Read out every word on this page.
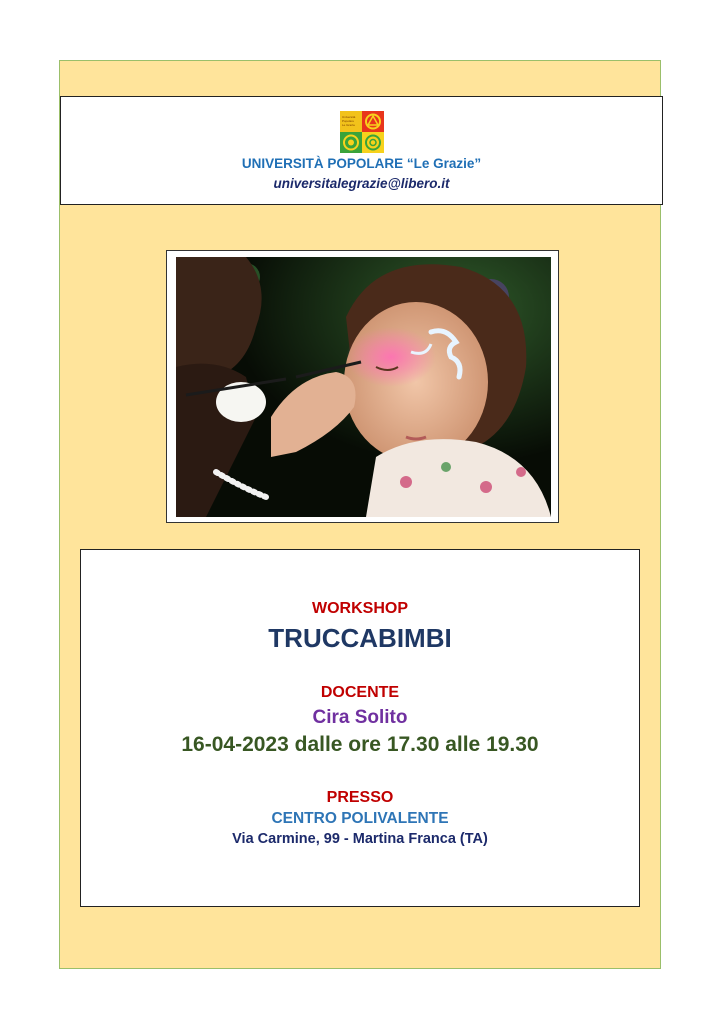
Università
Popolare
Le Grazie
UNIVERSITÀ POPOLARE “Le Grazie”
universitalegrazie@libero.it
WORKSHOP
TRUCCABIMBI
DOCENTE
Cira Solito
16-04-2023 dalle ore 17.30 alle 19.30
PRESSO
CENTRO POLIVALENTE
Via Carmine, 99 - Martina Franca (TA)
